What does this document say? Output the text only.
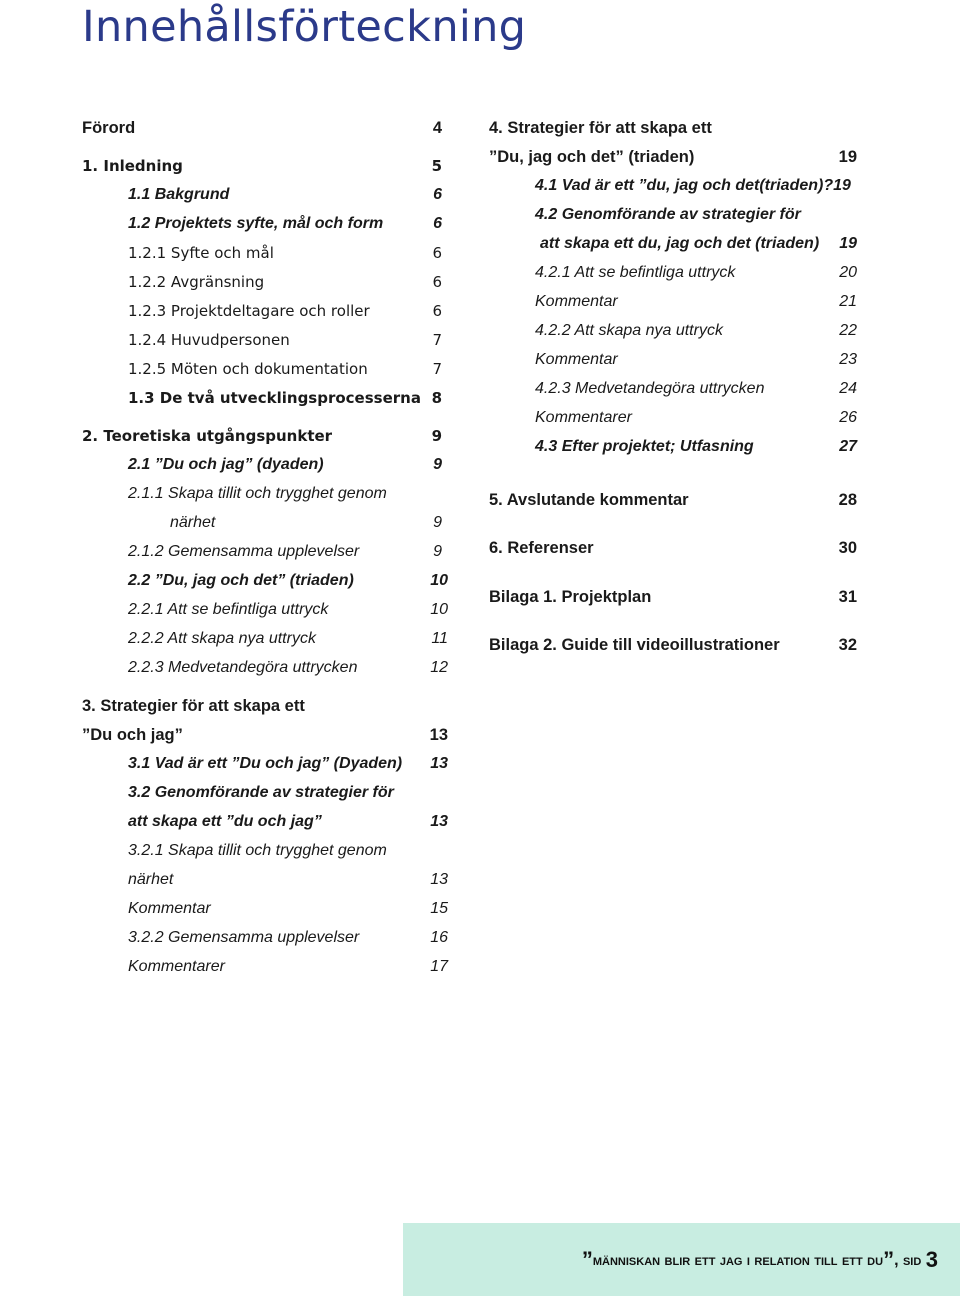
Innehållsförteckning
Förord	4
1. Inledning	5
1.1 Bakgrund	6
1.2 Projektets syfte, mål och form	6
1.2.1 Syfte och mål	6
1.2.2 Avgränsning	6
1.2.3 Projektdeltagare och roller	6
1.2.4 Huvudpersonen	7
1.2.5 Möten och dokumentation	7
1.3 De två utvecklingsprocesserna 8
2. Teoretiska utgångspunkter	9
2.1 ”Du och jag” (dyaden)	9
2.1.1 Skapa tillit och trygghet genom
närhet	9
2.1.2 Gemensamma upplevelser	9
2.2 ”Du, jag och det” (triaden)	10
2.2.1 Att se befintliga uttryck	10
2.2.2 Att skapa nya uttryck	11
2.2.3 Medvetandegöra uttrycken	12
3. Strategier för att skapa ett
”Du och jag”	13
3.1 Vad är ett ”Du och jag” (Dyaden) 13
3.2 Genomförande av strategier för
att skapa ett ”du och jag”	13
3.2.1 Skapa tillit och trygghet genom
närhet	13
Kommentar	15
3.2.2 Gemensamma upplevelser	16
Kommentarer	17
4. Strategier för att skapa ett
”Du, jag och det” (triaden)	19
4.1 Vad är ett ”du, jag och det(triaden)?19
4.2 Genomförande av strategier för
att skapa ett du, jag och det (triaden) 19
4.2.1 Att se befintliga uttryck	20
Kommentar	21
4.2.2 Att skapa nya uttryck	22
Kommentar	23
4.2.3 Medvetandegöra uttrycken	24
Kommentarer	26
4.3 Efter projektet; Utfasning	27
5. Avslutande kommentar	28
6. Referenser	30
Bilaga 1. Projektplan	31
Bilaga 2. Guide till videoillustrationer	32
”människan blir ett jag i relation till ett du”, sid 3
